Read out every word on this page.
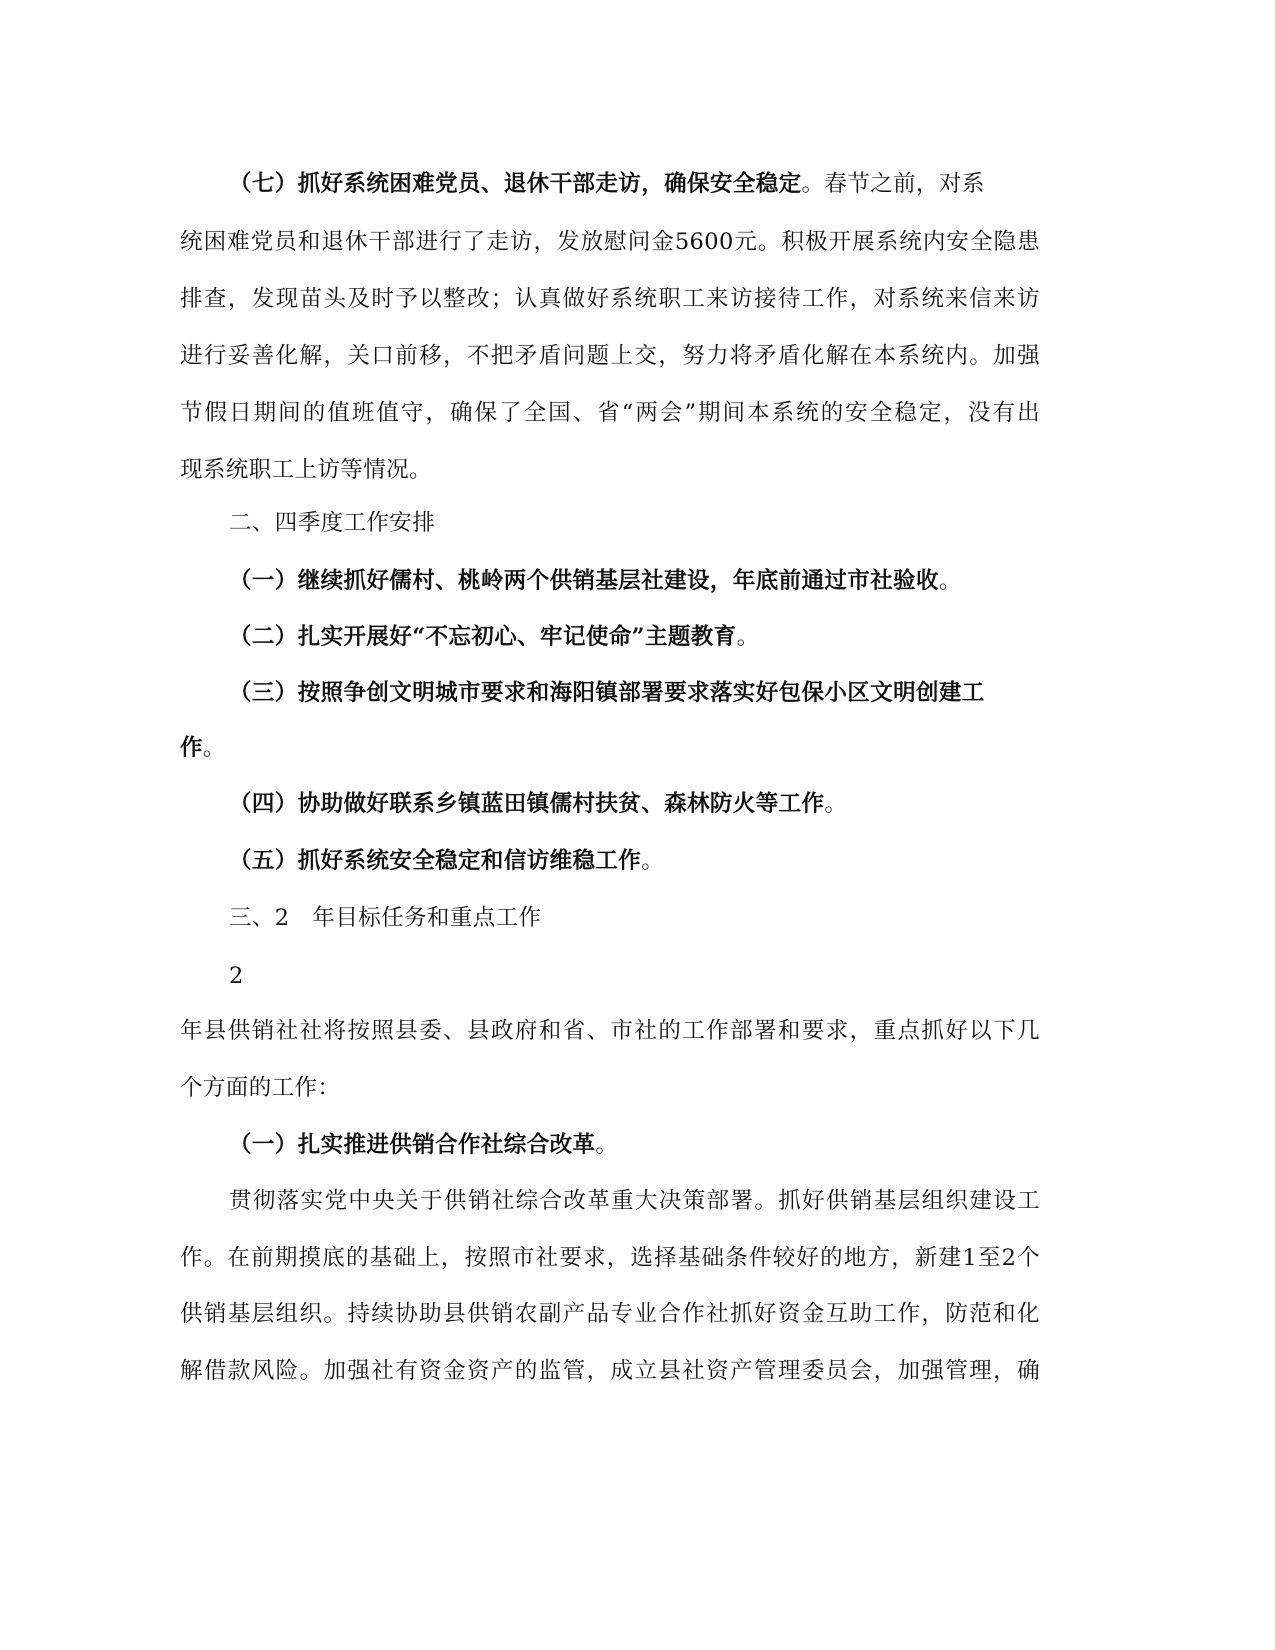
（七）抓好系统困难党员、退休干部走访，确保安全稳定。春节之前，对系
统困难党员和退休干部进行了走访，发放慰问金5600元。积极开展系统内安全隐患
排查，发现苗头及时予以整改；认真做好系统职工来访接待工作，对系统来信来访
进行妥善化解，关口前移，不把矛盾问题上交，努力将矛盾化解在本系统内。加强
节假日期间的值班值守，确保了全国、省“两会”期间本系统的安全稳定，没有出
现系统职工上访等情况。
二、四季度工作安排
（一）继续抓好儒村、桃岭两个供销基层社建设，年底前通过市社验收。
（二）扎实开展好“不忘初心、牢记使命”主题教育。
（三）按照争创文明城市要求和海阳镇部署要求落实好包保小区文明创建工
作。
（四）协助做好联系乡镇蓝田镇儒村扶贫、森林防火等工作。
（五）抓好系统安全稳定和信访维稳工作。
三、2　年目标任务和重点工作
2
年县供销社社将按照县委、县政府和省、市社的工作部署和要求，重点抓好以下几
个方面的工作：
（一）扎实推进供销合作社综合改革。
贯彻落实党中央关于供销社综合改革重大决策部署。抓好供销基层组织建设工
作。在前期摸底的基础上，按照市社要求，选择基础条件较好的地方，新建1至2个
供销基层组织。持续协助县供销农副产品专业合作社抓好资金互助工作，防范和化
解借款风险。加强社有资金资产的监管，成立县社资产管理委员会，加强管理，确
